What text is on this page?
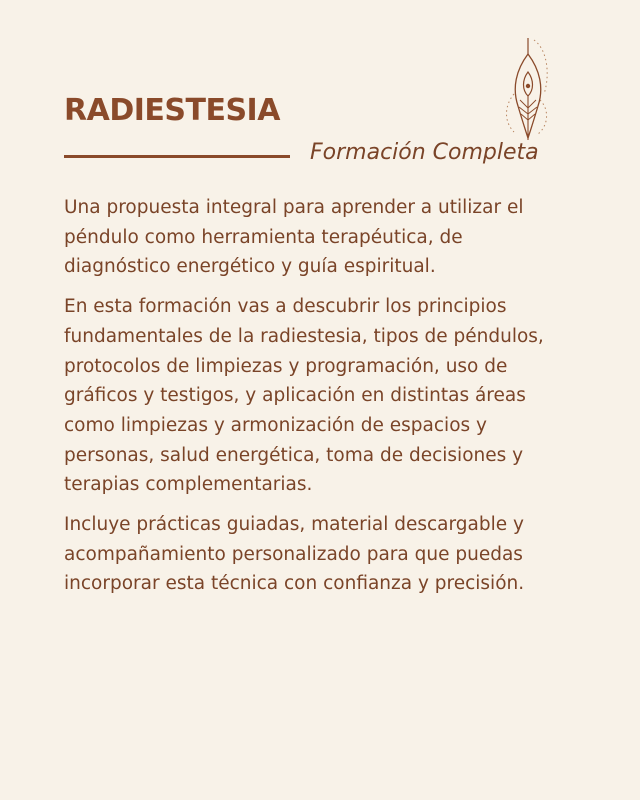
RADIESTESIA
Formación Completa

Una propuesta integral para aprender a utilizar el péndulo como herramienta terapéutica, de diagnóstico energético y guía espiritual.

En esta formación vas a descubrir los principios fundamentales de la radiestesia, tipos de péndulos, protocolos de limpiezas y programación, uso de gráficos y testigos, y aplicación en distintas áreas como limpiezas y armonización de espacios y personas, salud energética, toma de decisiones y terapias complementarias.

Incluye prácticas guiadas, material descargable y acompañamiento personalizado para que puedas incorporar esta técnica con confianza y precisión.
